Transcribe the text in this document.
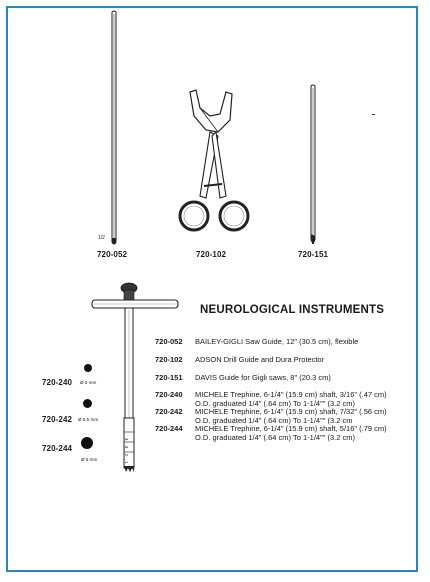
1/2
720-052	720-102	720-151
4 3 2 1
720-240 Ø 5 mm
720-242 Ø 5.5 mm
720-244
Ø 8 mm
NEUROLOGICAL INSTRUMENTS
720-052 BAILEY-GIGLI Saw Guide, 12" (30.5 cm), flexible
720-102 ADSON Drill Guide and Dura Protector
720-151 DAVIS Guide for Gigli saws, 8" (20.3 cm)
720-240 MICHELE Trephine, 6-1/4" (15.9 cm) shaft, 3/16" (.47 cm)
O.D. graduated 1/4" (.64 cm) To 1-1/4"" (3.2 cm)
720-242 MICHELE Trephine, 6-1/4" (15.9 cm) shaft, 7/32" (.56 cm)
O.D. graduated 1/4" (.64 cm) To 1-1/4"" (3.2 cm
720-244 MICHELE Trephine, 6-1/4" (15.9 cm) shaft, 5/16" (.79 cm)
O.D. graduated 1/4" (.64 cm) To 1-1/4"" (3.2 cm)
